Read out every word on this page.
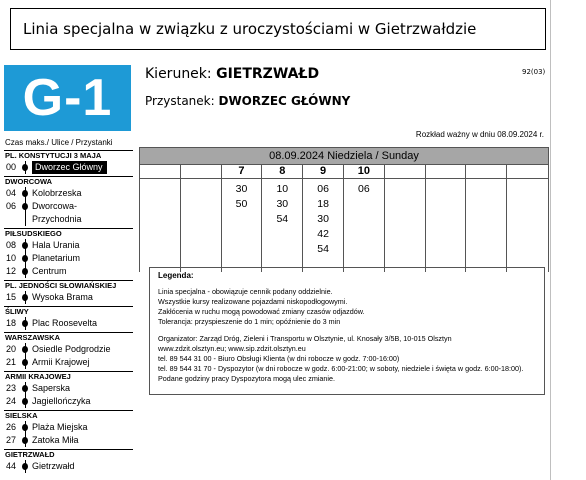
Linia specjalna w związku z uroczystościami w Gietrzwałdzie
G-1 Kierunek: GIETRZWAŁD
Przystanek: DWORZEC GŁÓWNY
92(03)
Rozkład ważny w dniu 08.09.2024 r.
Czas maks./ Ulice / Przystanki
PL. KONSTYTUCJI 3 MAJA
00 Dworzec Główny
DWORCOWA
04 Kolobrzeska
06 Dworcowa-
Przychodnia
PIŁSUDSKIEGO
08 Hala Urania
10 Planetarium
12 Centrum
PL. JEDNOŚCI SŁOWIAŃSKIEJ
15 Wysoka Brama
ŚLIWY
18 Plac Roosevelta
WARSZAWSKA
20 Osiedle Podgrodzie
21 Armii Krajowej
ARMII KRAJOWEJ
23 Saperska
24 Jagiellończyka
SIELSKA
26 Plaża Miejska
27 Zatoka Miła
GIETRZWAŁD
44 Gietrzwałd
08.09.2024 Niedziela / Sunday
7
30
50
8
10
30
54
9
06
18
30
42
54
10
06
Legenda:

Linia specjalna - obowiązuje cennik podany oddzielnie.

Wszystkie kursy realizowane pojazdami niskopodłogowymi.

Zakłócenia w ruchu mogą powodować zmiany czasów odjazdów.

Tolerancja: przyspieszenie do 1 min; opóźnienie do 3 min

Organizator: Zarząd Dróg, Zieleni i Transportu w Olsztynie, ul. Knosały 3/5B, 10-015 Olsztyn

www.zdzit.olsztyn.eu; www.sip.zdzit.olsztyn.eu

tel. 89 544 31 00 - Biuro Obsługi Klienta (w dni robocze w godz. 7:00-16:00)

tel. 89 544 31 70 - Dyspozytor (w dni robocze w godz. 6:00-21:00; w soboty, niedziele i święta w godz. 6:00-18:00). Podane godziny pracy Dyspozytora mogą ulec zmianie.
